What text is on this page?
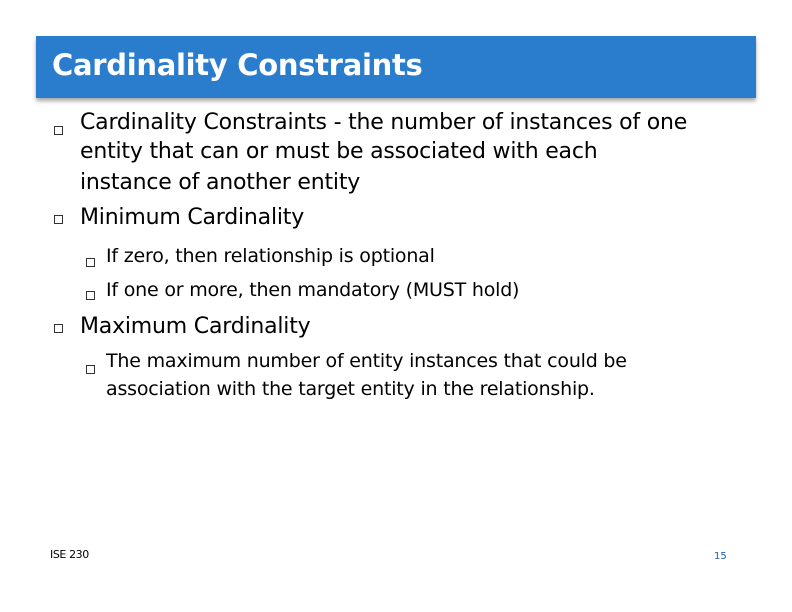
Cardinality Constraints
Cardinality Constraints - the number of instances of one
entity that can or must be associated with each
instance of another entity
Minimum Cardinality
If zero, then relationship is optional
If one or more, then mandatory (MUST hold)
Maximum Cardinality
The maximum number of entity instances that could be
association with the target entity in the relationship.
ISE 230	15
